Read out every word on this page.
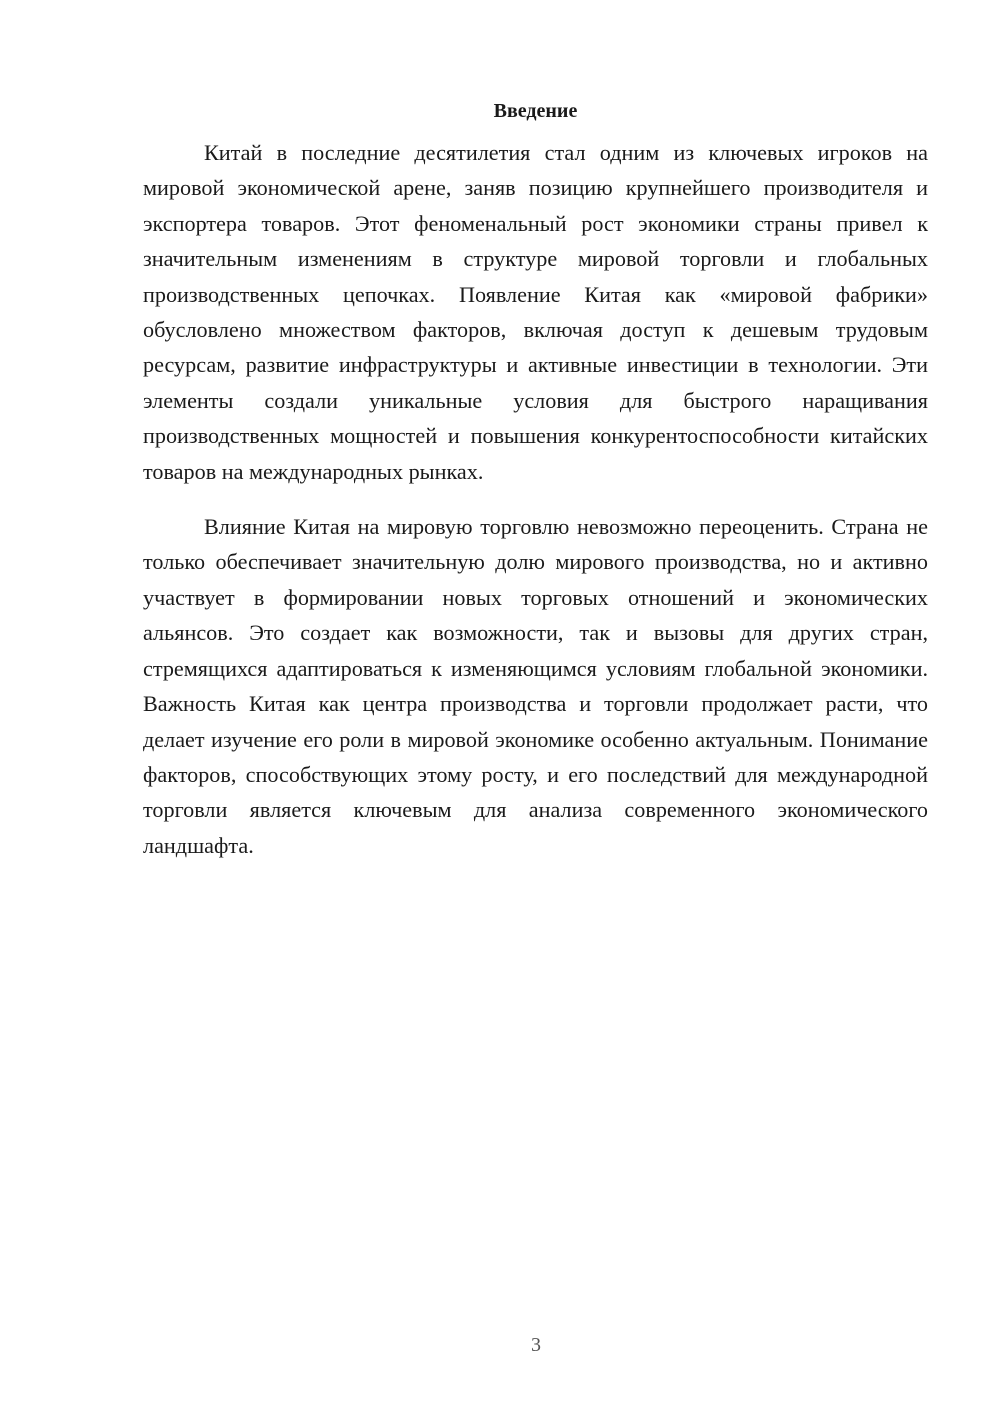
Введение

Китай в последние десятилетия стал одним из ключевых игроков на мировой экономической арене, заняв позицию крупнейшего производителя и экспортера товаров. Этот феноменальный рост экономики страны привел к значительным изменениям в структуре мировой торговли и глобальных производственных цепочках. Появление Китая как «мировой фабрики» обусловлено множеством факторов, включая доступ к дешевым трудовым ресурсам, развитие инфраструктуры и активные инвестиции в технологии. Эти элементы создали уникальные условия для быстрого наращивания производственных мощностей и повышения конкурентоспособности китайских товаров на международных рынках.

Влияние Китая на мировую торговлю невозможно переоценить. Страна не только обеспечивает значительную долю мирового производства, но и активно участвует в формировании новых торговых отношений и экономических альянсов. Это создает как возможности, так и вызовы для других стран, стремящихся адаптироваться к изменяющимся условиям глобальной экономики. Важность Китая как центра производства и торговли продолжает расти, что делает изучение его роли в мировой экономике особенно актуальным. Понимание факторов, способствующих этому росту, и его последствий для международной торговли является ключевым для анализа современного экономического ландшафта.

3
